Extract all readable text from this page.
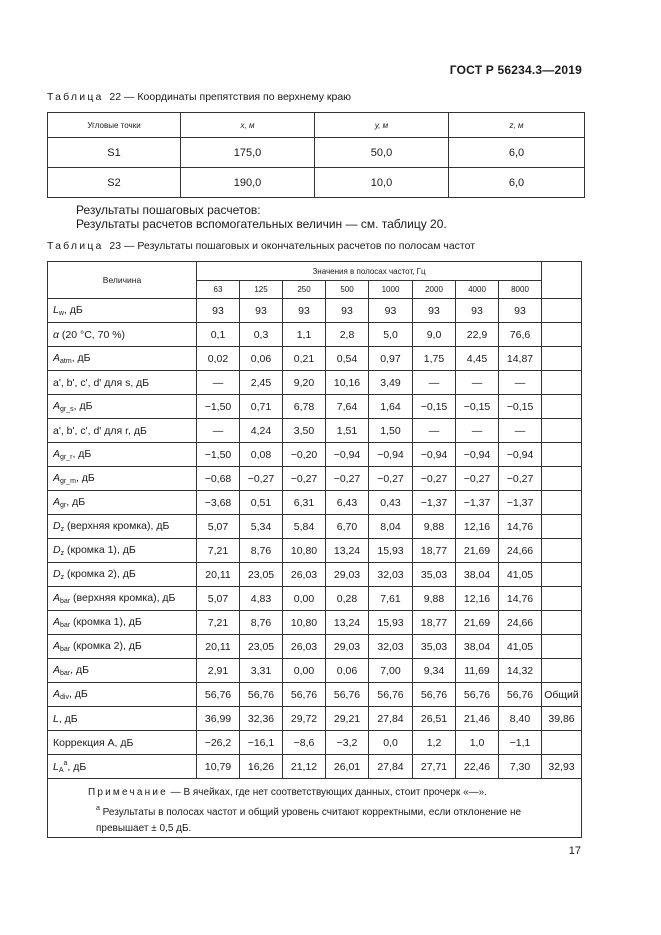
ГОСТ Р 56234.3—2019
Таблица 22 — Координаты препятствия по верхнему краю
Угловые точки	x, м	y, м	z, м
S1	175,0	50,0	6,0
S2	190,0	10,0	6,0
Результаты пошаговых расчетов:
Результаты расчетов вспомогательных величин — см. таблицу 20.
Таблица 23 — Результаты пошаговых и окончательных расчетов по полосам частот
Величина	Значения в полосах частот, Гц								
	63	125	250	500	1000	2000	4000	8000	
$L_w$, дБ	93	93	93	93	93	93	93	93	
α (20 °C, 70 %)	0,1	0,3	1,1	2,8	5,0	9,0	22,9	76,6	
$A_{atm}$, дБ	0,02	0,06	0,21	0,54	0,97	1,75	4,45	14,87	
a', b', c', d' для s, дБ	—	2,45	9,20	10,16	3,49	—	—	—	
$A_{gr\_s}$, дБ	−1,50	0,71	6,78	7,64	1,64	−0,15	−0,15	−0,15	
a', b', c', d' для r, дБ	—	4,24	3,50	1,51	1,50	—	—	—	
$A_{gr\_r}$, дБ	−1,50	0,08	−0,20	−0,94	−0,94	−0,94	−0,94	−0,94	
$A_{gr\_m}$, дБ	−0,68	−0,27	−0,27	−0,27	−0,27	−0,27	−0,27	−0,27	
$A_{gr}$, дБ	−3,68	0,51	6,31	6,43	0,43	−1,37	−1,37	−1,37	
$D_z$ (верхняя кромка), дБ	5,07	5,34	5,84	6,70	8,04	9,88	12,16	14,76	
$D_z$ (кромка 1), дБ	7,21	8,76	10,80	13,24	15,93	18,77	21,69	24,66	
$D_z$ (кромка 2), дБ	20,11	23,05	26,03	29,03	32,03	35,03	38,04	41,05	
$A_{bar}$ (верхняя кромка), дБ	5,07	4,83	0,00	0,28	7,61	9,88	12,16	14,76	
$A_{bar}$ (кромка 1), дБ	7,21	8,76	10,80	13,24	15,93	18,77	21,69	24,66	
$A_{bar}$ (кромка 2), дБ	20,11	23,05	26,03	29,03	32,03	35,03	38,04	41,05	
$A_{bar}$, дБ	2,91	3,31	0,00	0,06	7,00	9,34	11,69	14,32	
$A_{div}$, дБ	56,76	56,76	56,76	56,76	56,76	56,76	56,76	56,76	Общий
L, дБ	36,99	32,36	29,72	29,21	27,84	26,51	21,46	8,40	39,86
Коррекция A, дБ	−26,2	−16,1	−8,6	−3,2	0,0	1,2	1,0	−1,1	
$L_A^a$, дБ	10,79	16,26	21,12	26,01	27,84	27,71	22,46	7,30	32,93

Примечание — В ячейках, где нет соответствующих данных, стоит прочерк «—».
$^a$ Результаты в полосах частот и общий уровень считают корректными, если отклонение не превышает ± 0,5 дБ.									
17
